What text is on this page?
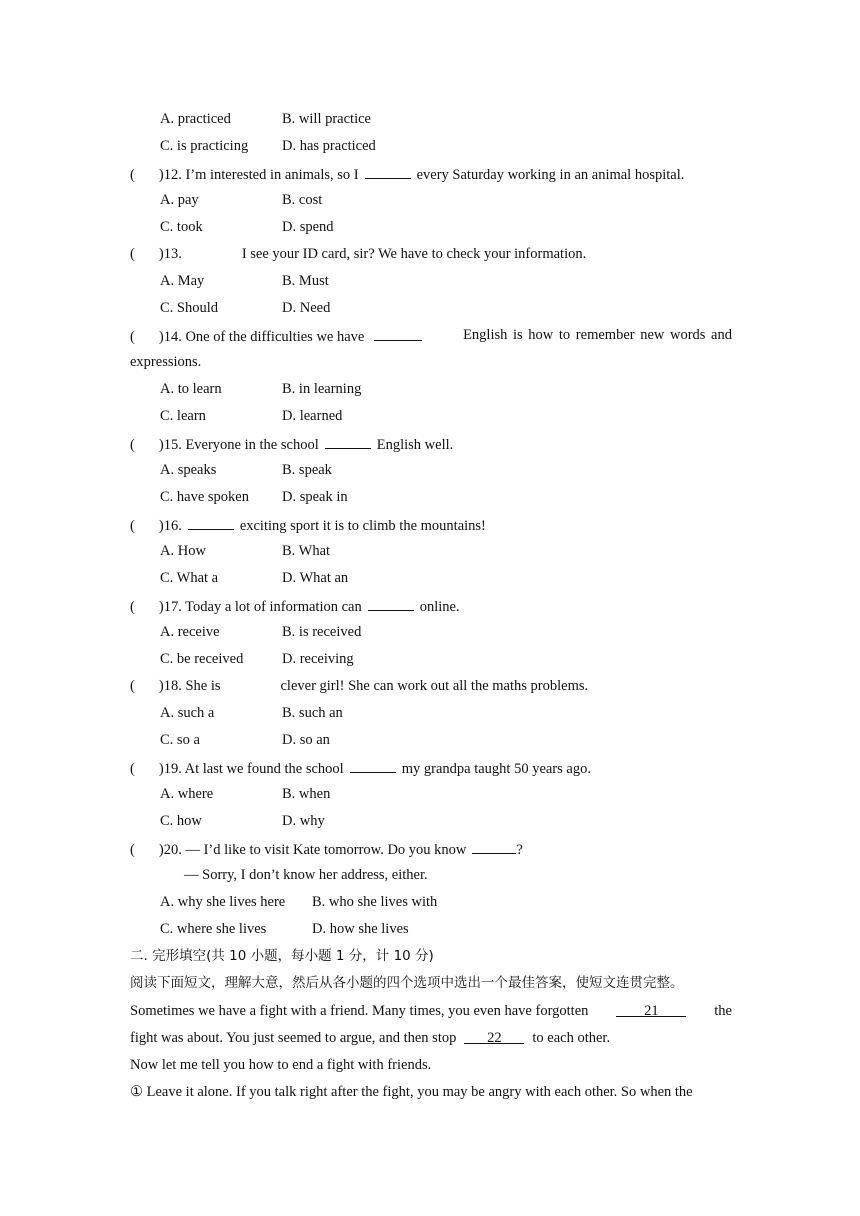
A. practiced	B. will practice
C. is practicing D. has practiced
( )12. I’m interested in animals, so I	every Saturday working in an animal hospital.
A. pay	B. cost
C. took	D. spend
( )13.	I see your ID card, sir? We have to check your information.
A. May	B. Must
C. Should	D. Need
( )14. One of the difficulties we have	English is how to remember new words and
expressions.
A. to learn	B. in learning
C. learn	D. learned
( )15. Everyone in the school	English well.
A. speaks	B. speak
C. have spoken D. speak in
( )16.	exciting sport it is to climb the mountains!
A. How	B. What
C. What a	D. What an
( )17. Today a lot of information can	online.
A. receive	B. is received
C. be received	D. receiving
( )18. She is	clever girl! She can work out all the maths problems.
A. such a	B. such an
C. so a	D. so an
( )19. At last we found the school	my grandpa taught 50 years ago.
A. where	B. when
C. how	D. why
( )20. — I’d like to visit Kate tomorrow. Do you know	?
— Sorry, I don’t know her address, either.
A. why she lives here B. who she lives with
C. where she lives	D. how she lives
二. 完形填空(共 10 小题，每小题 1 分，计 10 分)
阅读下面短文，理解大意，然后从各小题的四个选项中选出一个最佳答案，使短文连贯完整。
Sometimes we have a fight with a friend. Many times, you even have forgotten	21	the
fight was about. You just seemed to argue, and then stop 22 to each other.
Now let me tell you how to end a fight with friends.
① Leave it alone. If you talk right after the fight, you may be angry with each other. So when the
